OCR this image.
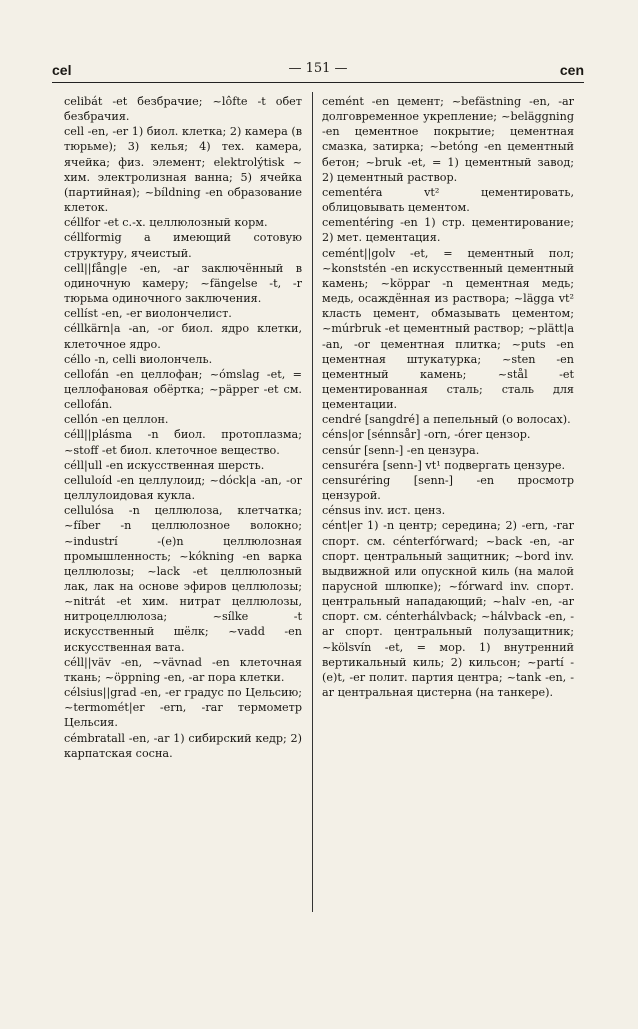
cel	— 151 —	cen
celibát -et безбрачие; ~lôfte -t обет безбрачия.
cell -en, -er 1) биол. клетка; 2) камера (в тюрьме); 3) келья; 4) тех. камера, ячейка; физ. элемент; elektrolýtisk ~ хим. электролизная ванна; 5) ячейка (партийная); ~bíldning -en образование клеток.
céllfor -et с.-х. целлюлозный корм.
céllformig a имеющий сотовую структуру, ячеистый.
cell||fång|e -en, -ar заключённый в одиночную камеру; ~fängelse -t, -r тюрьма одиночного заключения.
cellíst -en, -er виолончелист.
céllkärn|a -an, -or биол. ядро клетки, клеточное ядро.
céllo -n, celli виолончель.
cellofán -en целлофан; ~ómslag -et, = целлофановая обёртка; ~päpper -et см. cellofán.
cellón -en целлон.
céll||plásma -n биол. протоплазма; ~stoff -et биол. клеточное вещество.
céll|ull -en искусственная шерсть.
celluloíd -en целлулоид; ~dóck|a -an, -or целлулоидовая кукла.
cellulósa -n целлюлоза, клетчатка; ~fíber -n целлюлозное волокно; ~industrí -(e)n целлюлозная промышленность; ~kókning -en варка целлюлозы; ~lack -et целлюлозный лак, лак на основе эфиров целлюлозы; ~nitrát -et хим. нитрат целлюлозы, нитроцеллюлоза; ~sílke -t искусственный шёлк; ~vadd -en искусственная вата.
céll||väv -en, ~vävnad -en клеточная ткань; ~öppning -en, -ar пора клетки.
célsius||grad -en, -er градус по Цельсию; ~termomét|er -ern, -rar термометр Цельсия.
cémbratall -en, -ar 1) сибирский кедр; 2) карпатская сосна.
cemént -en цемент; ~befästning -en, -ar долговременное укрепление; ~beläggning -en цементное покрытие; цементная смазка, затирка; ~betóng -en цементный бетон; ~bruk -et, = 1) цементный завод; 2) цементный раствор.
cementéra vt² цементировать, облицовывать цементом.
cementéring -en 1) стр. цементирование; 2) мет. цементация.
cemént||golv -et, = цементный пол; ~konststén -en искусственный цементный камень; ~köppar -n цементная медь; медь, осаждённая из раствора; ~lägga vt² класть цемент, обмазывать цементом; ~múrbruk -et цементный раствор; ~plätt|a -an, -or цементная плитка; ~puts -en цементная штукатурка; ~sten -en цементный камень; ~stål -et цементированная сталь; сталь для цементации.
cendré [sangdré] a пепельный (о волосах).
céns|or [sénnsår] -orn, -órer цензор.
censúr [senn-] -en цензура.
censuréra [senn-] vt¹ подвергать цензуре.
censuréring [senn-] -en просмотр цензурой.
cénsus inv. ист. ценз.
cént|er 1) -n центр; середина; 2) -ern, -rar спорт. см. cénterfórward; ~back -en, -ar спорт. центральный защитник; ~bord inv. выдвижной или опускной киль (на малой парусной шлюпке); ~fórward inv. спорт. центральный нападающий; ~halv -en, -ar спорт. см. cénterhálvback; ~hálvback -en, -ar спорт. центральный полузащитник; ~kölsvín -et, = мор. 1) внутренний вертикальный киль; 2) кильсон; ~partí -(e)t, -er полит. партия центра; ~tank -en, -ar центральная цистерна (на танкере).
